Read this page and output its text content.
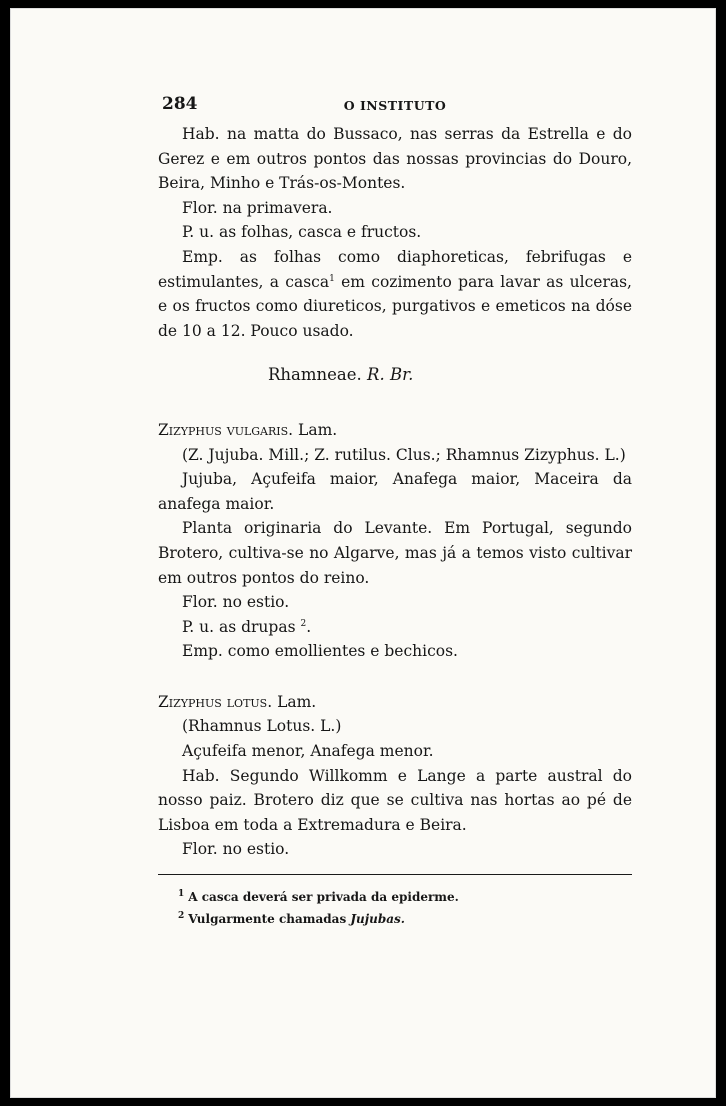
284	O INSTITUTO

Hab. na matta do Bussaco, nas serras da Estrella e do Gerez e em outros pontos das nossas provincias do Douro, Beira, Minho e Trás-os-Montes.

Flor. na primavera.

P. u. as folhas, casca e fructos.

Emp. as folhas como diaphoreticas, febrifugas e estimulantes, a casca$^1$ em cozimento para lavar as ulceras, e os fructos como diureticos, purgativos e emeticos na dóse de 10 a 12. Pouco usado.

Rhamneae. R. Br.

Zizyphus vulgaris. Lam.

(Z. Jujuba. Mill.; Z. rutilus. Clus.; Rhamnus Zizyphus. L.)

Jujuba, Açufeifa maior, Anafega maior, Maceira da anafega maior.

Planta originaria do Levante. Em Portugal, segundo Brotero, cultiva-se no Algarve, mas já a temos visto cultivar em outros pontos do reino.

Flor. no estio.

P. u. as drupas $^2$.

Emp. como emollientes e bechicos.

Zizyphus lotus. Lam.

(Rhamnus Lotus. L.)

Açufeifa menor, Anafega menor.

Hab. Segundo Willkomm e Lange a parte austral do nosso paiz. Brotero diz que se cultiva nas hortas ao pé de Lisboa em toda a Extremadura e Beira.

Flor. no estio.

$^1$ A casca deverá ser privada da epiderme.
$^2$ Vulgarmente chamadas Jujubas.
